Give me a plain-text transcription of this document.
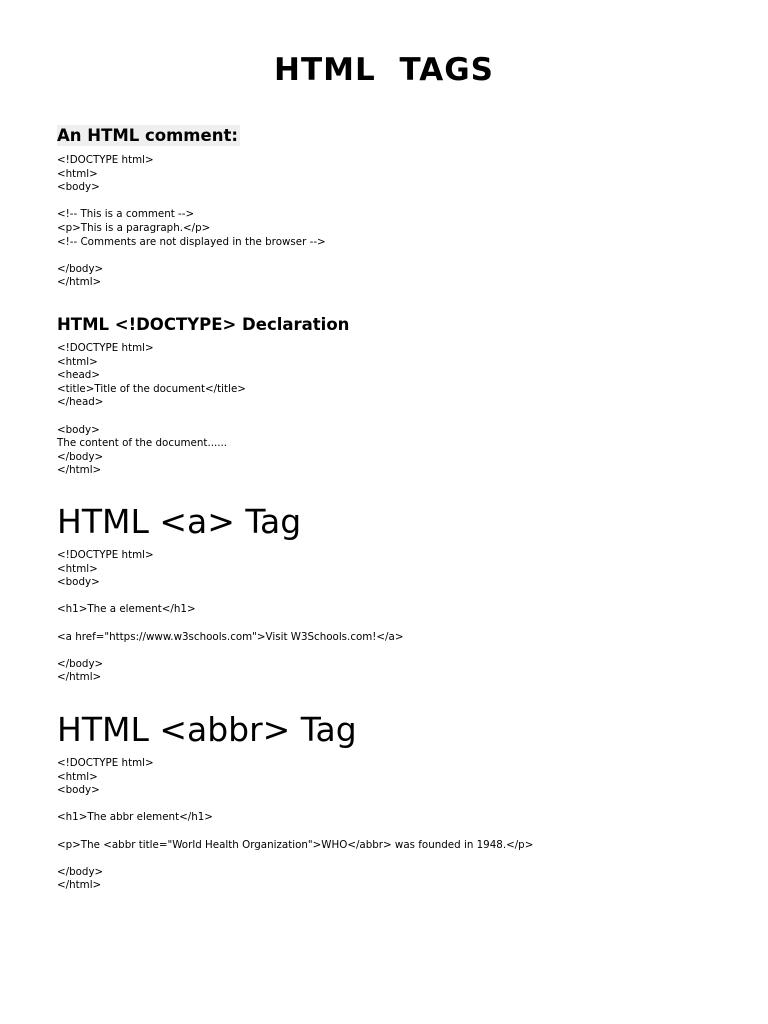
HTML TAGS
An HTML comment:
<!DOCTYPE html>
<html>
<body>
<!-- This is a comment -->
<p>This is a paragraph.</p>
<!-- Comments are not displayed in the browser -->
</body>
</html>
HTML <!DOCTYPE> Declaration
<!DOCTYPE html>
<html>
<head>
<title>Title of the document</title>
</head>
<body>
The content of the document......
</body>
</html>
HTML <a> Tag
<!DOCTYPE html>
<html>
<body>
<h1>The a element</h1>
<a href="https://www.w3schools.com">Visit W3Schools.com!</a>
</body>
</html>
HTML <abbr> Tag
<!DOCTYPE html>
<html>
<body>
<h1>The abbr element</h1>
<p>The <abbr title="World Health Organization">WHO</abbr> was founded in 1948.</p>
</body>
</html>
